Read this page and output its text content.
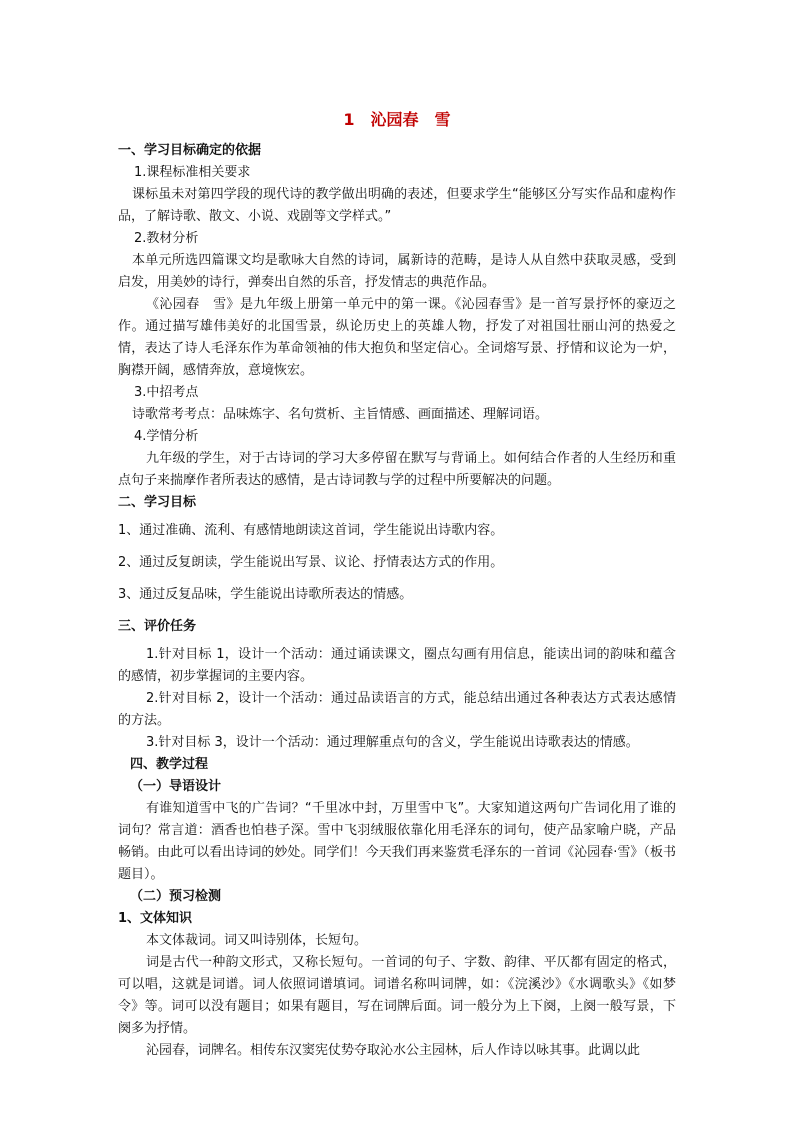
1　沁园春　雪

一、学习目标确定的依据

1.课程标准相关要求

课标虽未对第四学段的现代诗的教学做出明确的表述，但要求学生“能够区分写实作品和虚构作品，了解诗歌、散文、小说、戏剧等文学样式。”

2.教材分析

本单元所选四篇课文均是歌咏大自然的诗词，属新诗的范畴，是诗人从自然中获取灵感，受到启发，用美妙的诗行，弹奏出自然的乐音，抒发情志的典范作品。

《沁园春　雪》是九年级上册第一单元中的第一课。《沁园春雪》是一首写景抒怀的豪迈之作。通过描写雄伟美好的北国雪景，纵论历史上的英雄人物，抒发了对祖国壮丽山河的热爱之情，表达了诗人毛泽东作为革命领袖的伟大抱负和坚定信心。全词熔写景、抒情和议论为一炉，胸襟开阔，感情奔放，意境恢宏。

3.中招考点

诗歌常考考点：品味炼字、名句赏析、主旨情感、画面描述、理解词语。

4.学情分析

九年级的学生，对于古诗词的学习大多停留在默写与背诵上。如何结合作者的人生经历和重点句子来揣摩作者所表达的感情，是古诗词教与学的过程中所要解决的问题。

二、学习目标

1、通过准确、流利、有感情地朗读这首词，学生能说出诗歌内容。

2、通过反复朗读，学生能说出写景、议论、抒情表达方式的作用。

3、通过反复品味，学生能说出诗歌所表达的情感。

三、评价任务

1.针对目标 1，设计一个活动：通过诵读课文，圈点勾画有用信息，能读出词的韵味和蕴含的感情，初步掌握词的主要内容。

2.针对目标 2，设计一个活动：通过品读语言的方式，能总结出通过各种表达方式表达感情的方法。

3.针对目标 3，设计一个活动：通过理解重点句的含义，学生能说出诗歌表达的情感。

四、教学过程

（一）导语设计

有谁知道雪中飞的广告词？“千里冰中封，万里雪中飞”。大家知道这两句广告词化用了谁的词句？常言道：酒香也怕巷子深。雪中飞羽绒服依靠化用毛泽东的词句，使产品家喻户晓，产品畅销。由此可以看出诗词的妙处。同学们！今天我们再来鉴赏毛泽东的一首词《沁园春·雪》（板书题目）。

（二）预习检测

1、文体知识

本文体裁词。词又叫诗别体，长短句。

词是古代一种韵文形式，又称长短句。一首词的句子、字数、韵律、平仄都有固定的格式，可以唱，这就是词谱。词人依照词谱填词。词谱名称叫词牌，如：《浣溪沙》《水调歌头》《如梦令》等。词可以没有题目；如果有题目，写在词牌后面。词一般分为上下阕，上阕一般写景，下阕多为抒情。

沁园春，词牌名。相传东汉窦宪仗势夺取沁水公主园林，后人作诗以咏其事。此调以此
